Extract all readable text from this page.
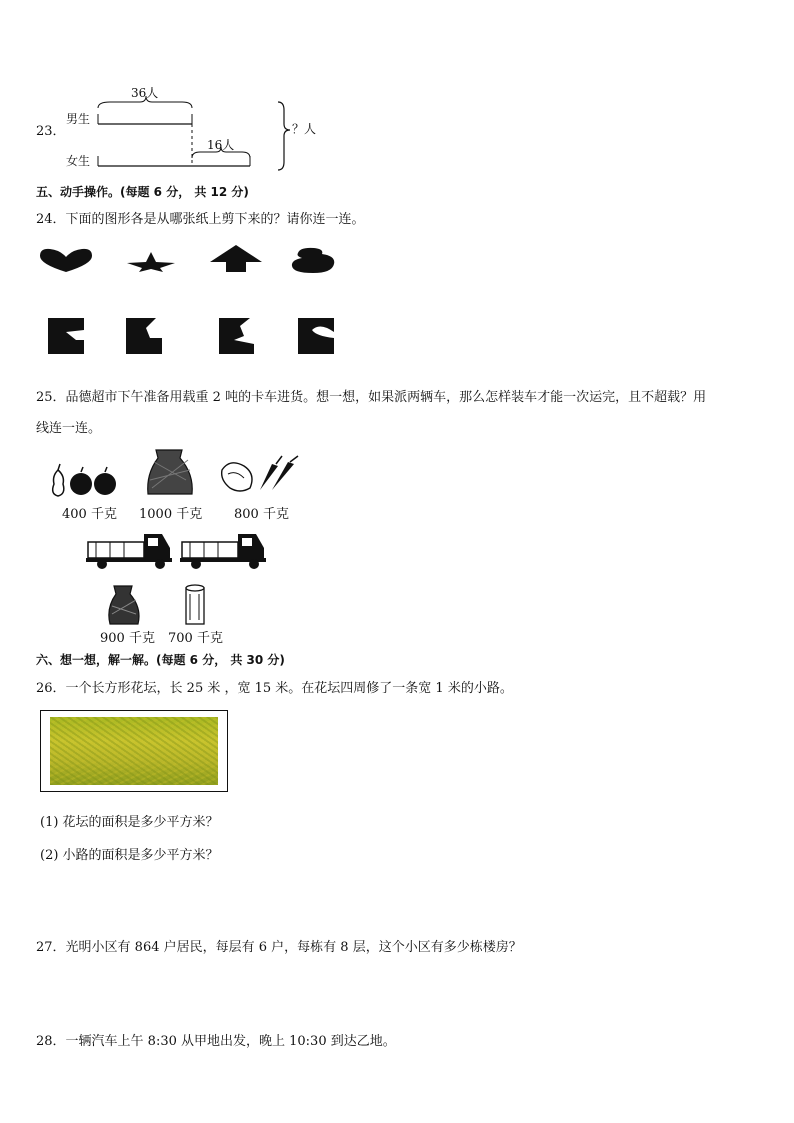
23．
男生
女生
36人
16人
？人
五、动手操作。(每题 6 分， 共 12 分)
24．下面的图形各是从哪张纸上剪下来的？请你连一连。
25．品德超市下午准备用载重 2 吨的卡车进货。想一想，如果派两辆车，那么怎样装车才能一次运完，且不超载？用
线连一连。
400 千克 1000 千克 800 千克
900 千克 700 千克
六、想一想，解一解。(每题 6 分， 共 30 分)
26．一个长方形花坛，长 25 米 ，宽 15 米。在花坛四周修了一条宽 1 米的小路。
(1) 花坛的面积是多少平方米？
(2) 小路的面积是多少平方米？
27．光明小区有 864 户居民，每层有 6 户，每栋有 8 层，这个小区有多少栋楼房？
28．一辆汽车上午 8:30 从甲地出发，晚上 10:30 到达乙地。
